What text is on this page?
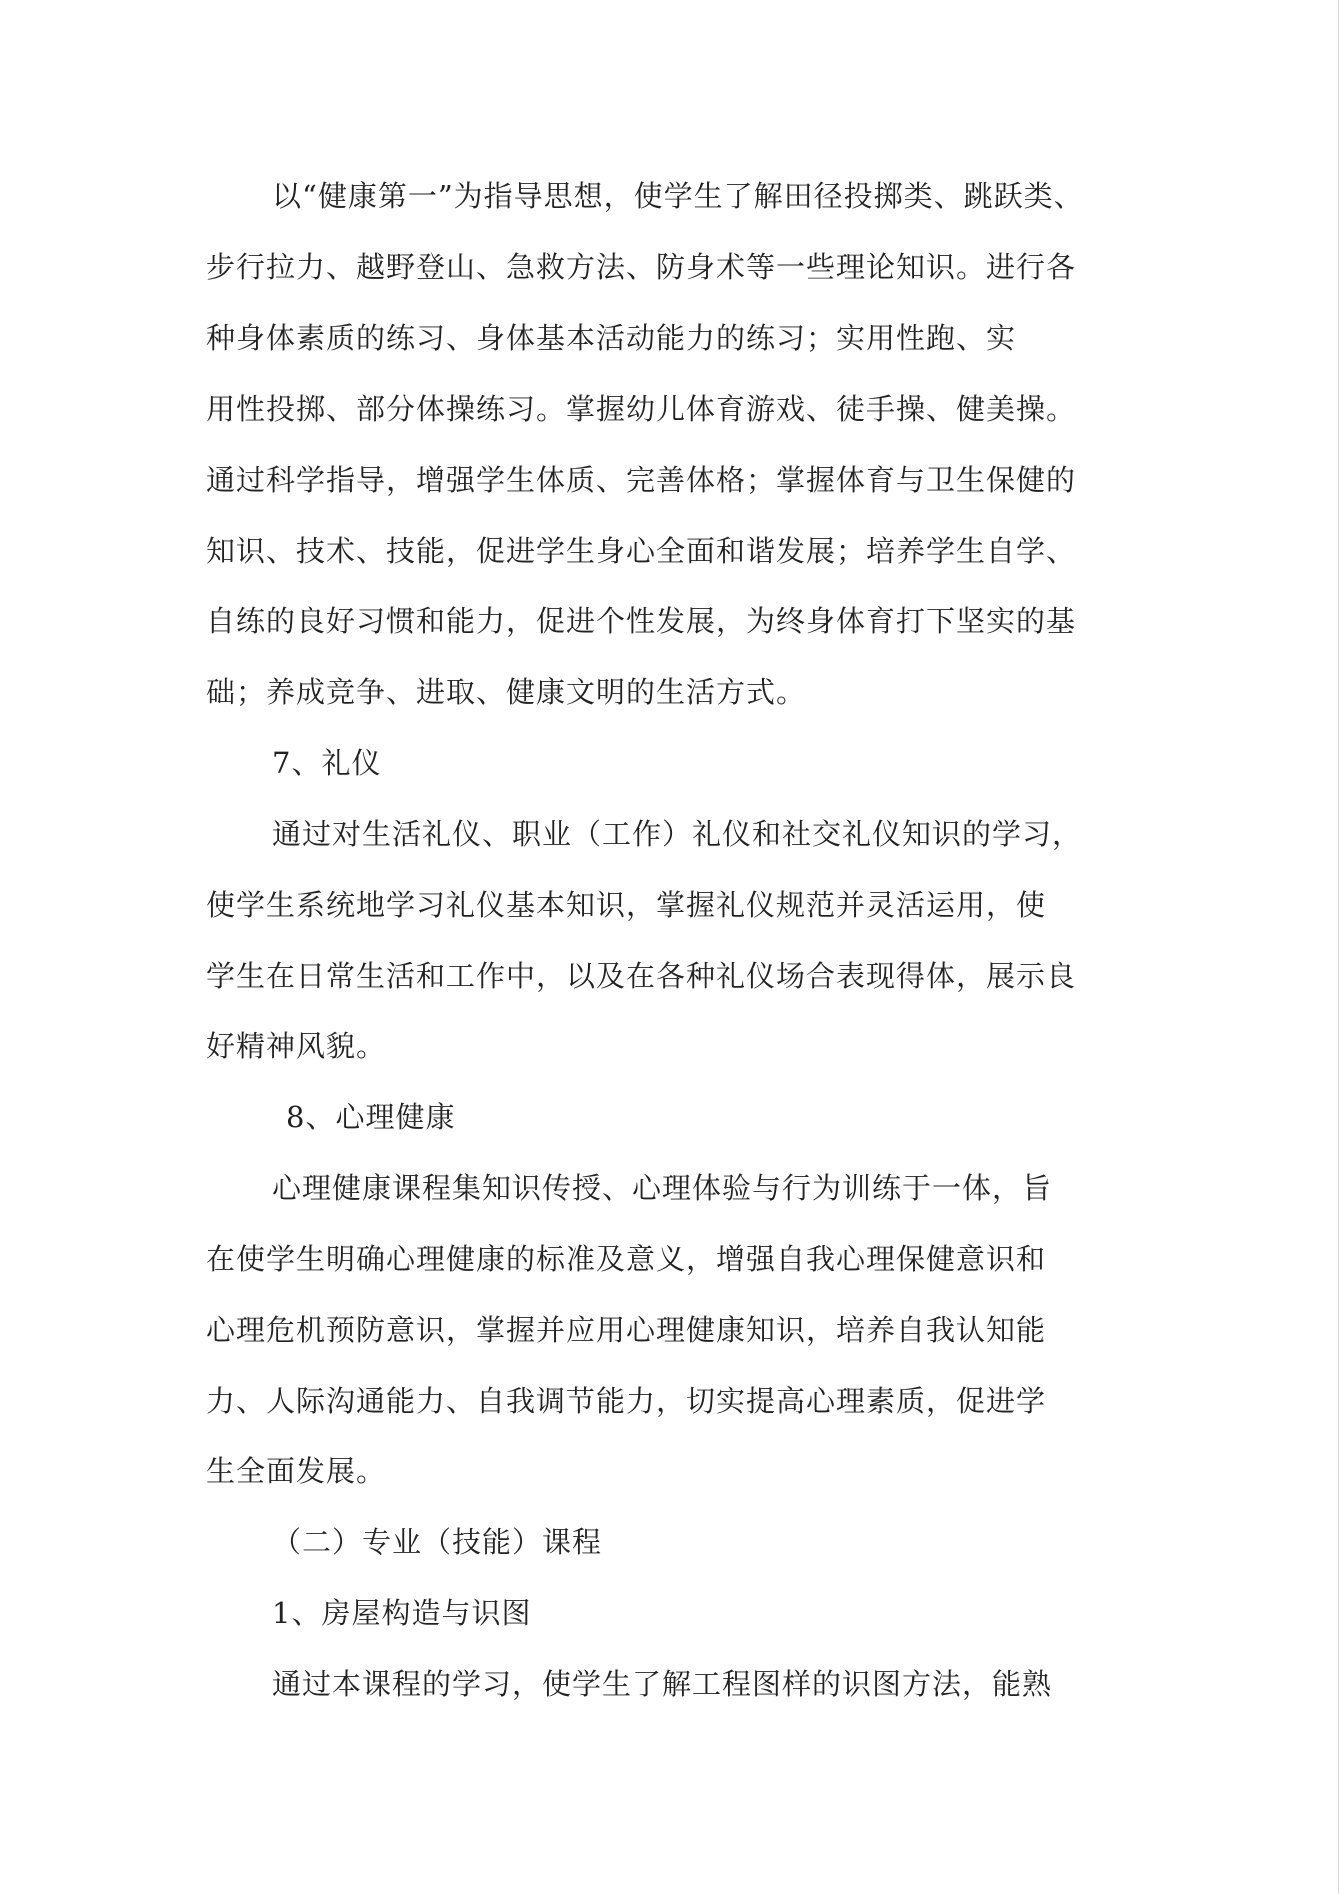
以“健康第一”为指导思想，使学生了解田径投掷类、跳跃类、
步行拉力、越野登山、急救方法、防身术等一些理论知识。进行各
种身体素质的练习、身体基本活动能力的练习；实用性跑、实
用性投掷、部分体操练习。掌握幼儿体育游戏、徒手操、健美操。
通过科学指导，增强学生体质、完善体格；掌握体育与卫生保健的
知识、技术、技能，促进学生身心全面和谐发展；培养学生自学、
自练的良好习惯和能力，促进个性发展，为终身体育打下坚实的基
础；养成竞争、进取、健康文明的生活方式。
7、礼仪
通过对生活礼仪、职业（工作）礼仪和社交礼仪知识的学习，
使学生系统地学习礼仪基本知识，掌握礼仪规范并灵活运用，使
学生在日常生活和工作中，以及在各种礼仪场合表现得体，展示良
好精神风貌。
8、心理健康
心理健康课程集知识传授、心理体验与行为训练于一体，旨
在使学生明确心理健康的标准及意义，增强自我心理保健意识和
心理危机预防意识，掌握并应用心理健康知识，培养自我认知能
力、人际沟通能力、自我调节能力，切实提高心理素质，促进学
生全面发展。
（二）专业（技能）课程
1、房屋构造与识图
通过本课程的学习，使学生了解工程图样的识图方法，能熟
